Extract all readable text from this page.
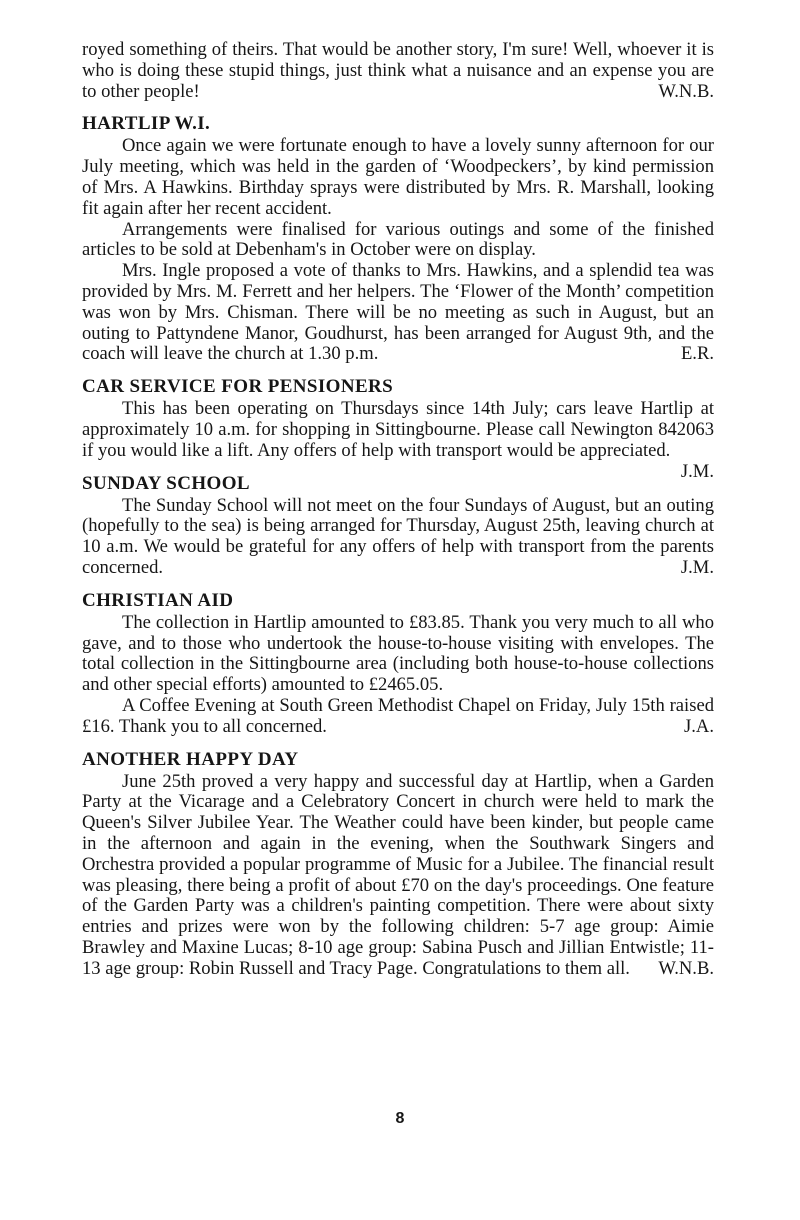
royed something of theirs. That would be another story, I'm sure! Well, whoever it is who is doing these stupid things, just think what a nuisance and an expense you are to other people!	W.N.B.

HARTLIP W.I.

Once again we were fortunate enough to have a lovely sunny afternoon for our July meeting, which was held in the garden of ‘Woodpeckers’, by kind permission of Mrs. A Hawkins. Birthday sprays were distributed by Mrs. R. Marshall, looking fit again after her recent accident.

Arrangements were finalised for various outings and some of the finished articles to be sold at Debenham's in October were on display.

Mrs. Ingle proposed a vote of thanks to Mrs. Hawkins, and a splendid tea was provided by Mrs. M. Ferrett and her helpers. The ‘Flower of the Month’ competition was won by Mrs. Chisman. There will be no meeting as such in August, but an outing to Pattyndene Manor, Goudhurst, has been arranged for August 9th, and the coach will leave the church at 1.30 p.m.	E.R.

CAR SERVICE FOR PENSIONERS

This has been operating on Thursdays since 14th July; cars leave Hartlip at approximately 10 a.m. for shopping in Sittingbourne. Please call Newington 842063 if you would like a lift. Any offers of help with transport would be appreciated.
J.M.

SUNDAY SCHOOL

The Sunday School will not meet on the four Sundays of August, but an outing (hopefully to the sea) is being arranged for Thursday, August 25th, leaving church at 10 a.m. We would be grateful for any offers of help with transport from the parents concerned.	J.M.

CHRISTIAN AID

The collection in Hartlip amounted to £83.85. Thank you very much to all who gave, and to those who undertook the house-to-house visiting with envelopes. The total collection in the Sittingbourne area (including both house-to-house collections and other special efforts) amounted to £2465.05.

A Coffee Evening at South Green Methodist Chapel on Friday, July 15th raised £16. Thank you to all concerned.	J.A.

ANOTHER HAPPY DAY

June 25th proved a very happy and successful day at Hartlip, when a Garden Party at the Vicarage and a Celebratory Concert in church were held to mark the Queen's Silver Jubilee Year. The Weather could have been kinder, but people came in the afternoon and again in the evening, when the Southwark Singers and Orchestra provided a popular programme of Music for a Jubilee. The financial result was pleasing, there being a profit of about £70 on the day's proceedings. One feature of the Garden Party was a children's painting competition. There were about sixty entries and prizes were won by the following children: 5-7 age group: Aimie Brawley and Maxine Lucas; 8-10 age group: Sabina Pusch and Jillian Entwistle; 11-13 age group: Robin Russell and Tracy Page. Congratulations to them all.	W.N.B.

8
